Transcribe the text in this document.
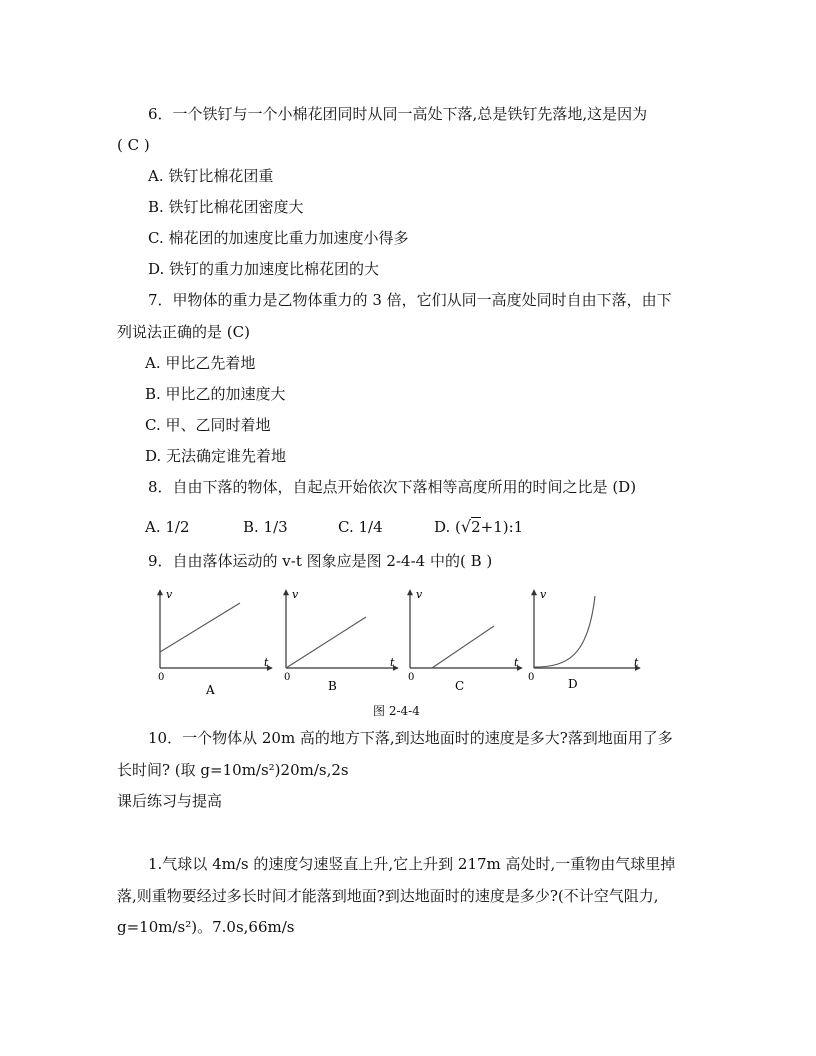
6．一个铁钉与一个小棉花团同时从同一高处下落,总是铁钉先落地,这是因为
( C )
A. 铁钉比棉花团重
B. 铁钉比棉花团密度大
C. 棉花团的加速度比重力加速度小得多
D. 铁钉的重力加速度比棉花团的大
7．甲物体的重力是乙物体重力的 3 倍，它们从同一高度处同时自由下落，由下
列说法正确的是 (C)
A. 甲比乙先着地
B. 甲比乙的加速度大
C. 甲、乙同时着地
D. 无法确定谁先着地
8．自由下落的物体，自起点开始依次下落相等高度所用的时间之比是 (D)
A. 1/2	B. 1/3	C. 1/4	D. (√2+1):1
9．自由落体运动的 v-t 图象应是图 2-4-4 中的( B )
v
t
0
A
v
t
0
B
v
t
0
C
v
t
0	D
图 2-4-4
10．一个物体从 20m 高的地方下落,到达地面时的速度是多大?落到地面用了多
长时间? (取 g=10m/s²)20m/s,2s
课后练习与提高
1.气球以 4m/s 的速度匀速竖直上升,它上升到 217m 高处时,一重物由气球里掉
落,则重物要经过多长时间才能落到地面?到达地面时的速度是多少?(不计空气阻力,
g=10m/s²)。7.0s,66m/s
